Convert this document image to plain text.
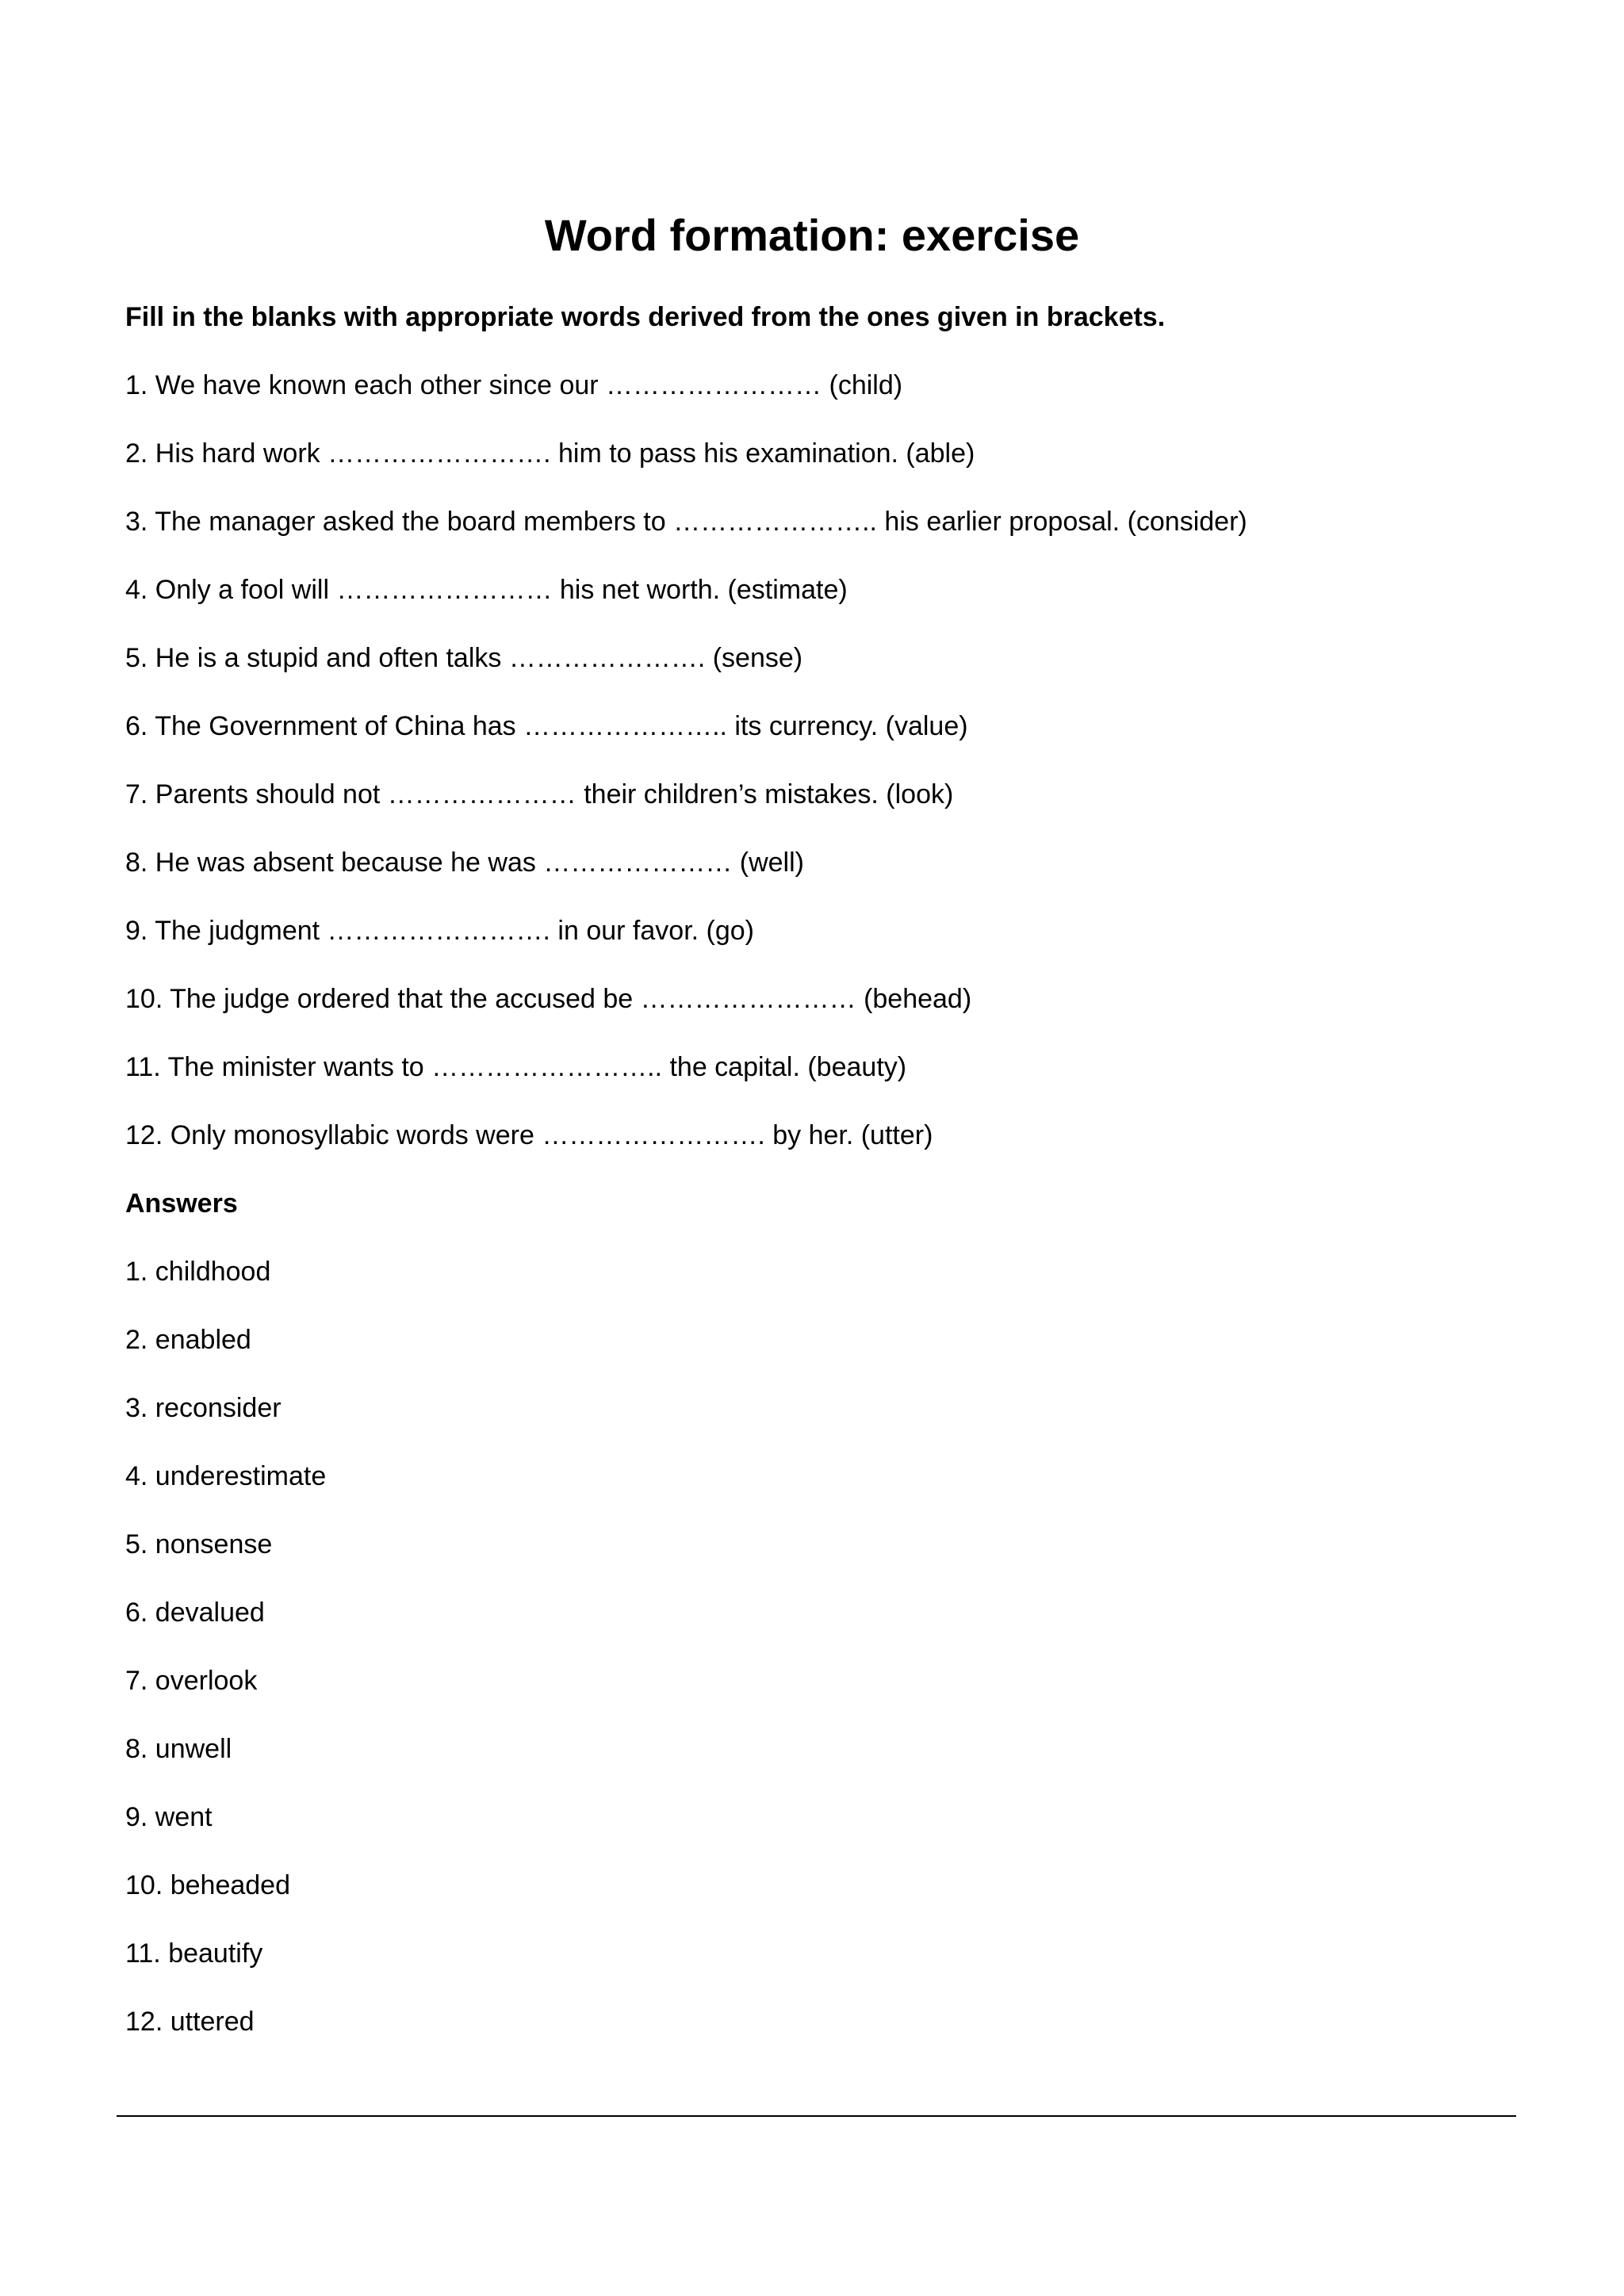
Word formation: exercise

Fill in the blanks with appropriate words derived from the ones given in brackets.

1. We have known each other since our …………………… (child)

2. His hard work ……………………. him to pass his examination. (able)

3. The manager asked the board members to ………………….. his earlier proposal. (consider)

4. Only a fool will …………………… his net worth. (estimate)

5. He is a stupid and often talks …………………. (sense)

6. The Government of China has ………………….. its currency. (value)

7. Parents should not ………………… their children’s mistakes. (look)

8. He was absent because he was ………………… (well)

9. The judgment ……………………. in our favor. (go)

10. The judge ordered that the accused be …………………… (behead)

11. The minister wants to …………………….. the capital. (beauty)

12. Only monosyllabic words were ……………………. by her. (utter)

Answers

1. childhood

2. enabled

3. reconsider

4. underestimate

5. nonsense

6. devalued

7. overlook

8. unwell

9. went

10. beheaded

11. beautify

12. uttered
